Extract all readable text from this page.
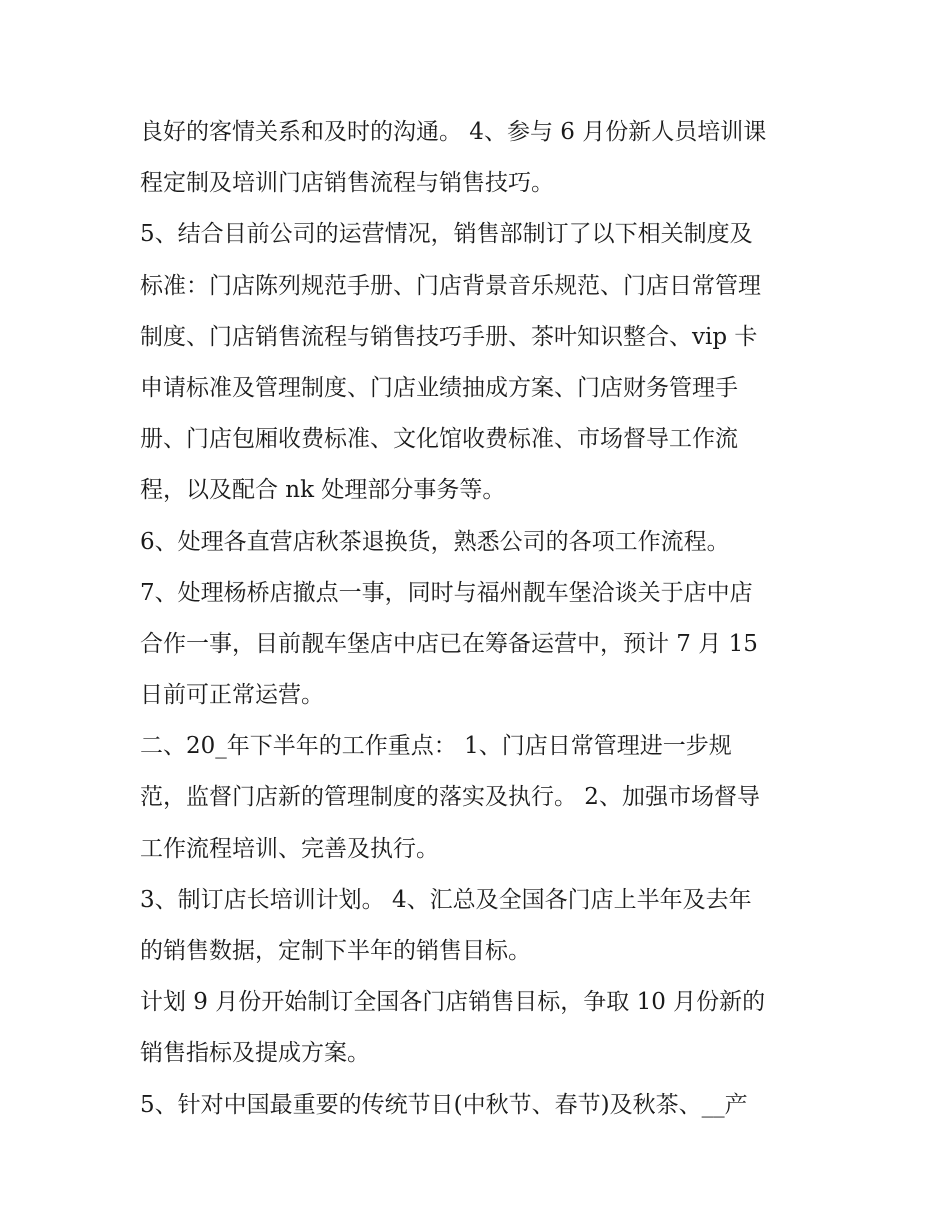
良好的客情关系和及时的沟通。 4、参与 6 月份新人员培训课
程定制及培训门店销售流程与销售技巧。
5、结合目前公司的运营情况，销售部制订了以下相关制度及
标准：门店陈列规范手册、门店背景音乐规范、门店日常管理
制度、门店销售流程与销售技巧手册、茶叶知识整合、vip 卡
申请标准及管理制度、门店业绩抽成方案、门店财务管理手
册、门店包厢收费标准、文化馆收费标准、市场督导工作流
程，以及配合 nk 处理部分事务等。
6、处理各直营店秋茶退换货，熟悉公司的各项工作流程。
7、处理杨桥店撤点一事，同时与福州靓车堡洽谈关于店中店
合作一事，目前靓车堡店中店已在筹备运营中，预计 7 月 15
日前可正常运营。
二、20_年下半年的工作重点： 1、门店日常管理进一步规
范，监督门店新的管理制度的落实及执行。 2、加强市场督导
工作流程培训、完善及执行。
3、制订店长培训计划。 4、汇总及全国各门店上半年及去年
的销售数据，定制下半年的销售目标。
计划 9 月份开始制订全国各门店销售目标，争取 10 月份新的
销售指标及提成方案。
5、针对中国最重要的传统节日(中秋节、春节)及秋茶、__产
